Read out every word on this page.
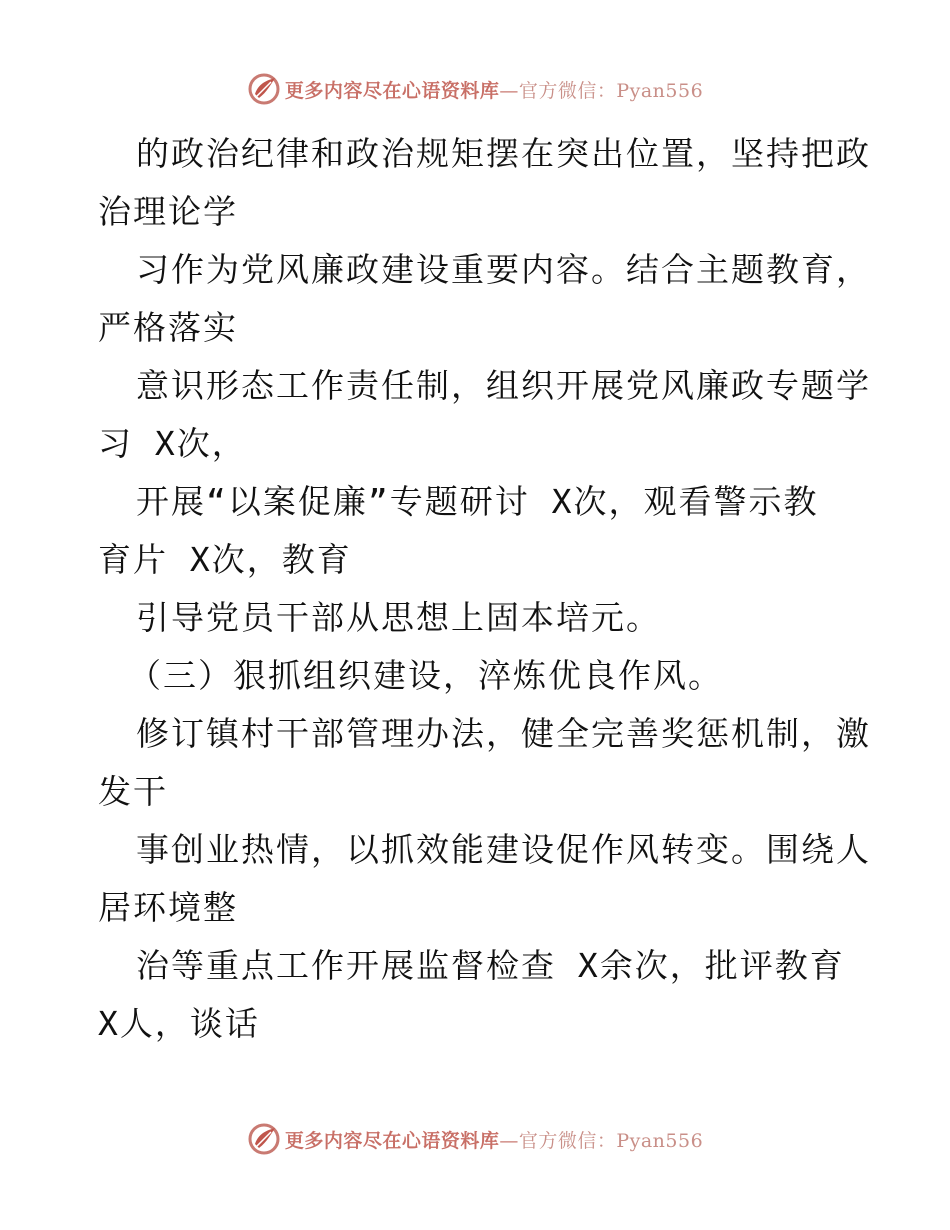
更多内容尽在心语资料库—官方微信：Pyan556
的政治纪律和政治规矩摆在突出位置，坚持把政
治理论学
习作为党风廉政建设重要内容。结合主题教育，
严格落实
意识形态工作责任制，组织开展党风廉政专题学
习 X次，
开展“以案促廉”专题研讨 X次，观看警示教
育片 X次，教育
引导党员干部从思想上固本培元。
（三）狠抓组织建设，淬炼优良作风。
修订镇村干部管理办法，健全完善奖惩机制，激
发干
事创业热情，以抓效能建设促作风转变。围绕人
居环境整
治等重点工作开展监督检查 X余次，批评教育
X人，谈话
更多内容尽在心语资料库—官方微信：Pyan556
